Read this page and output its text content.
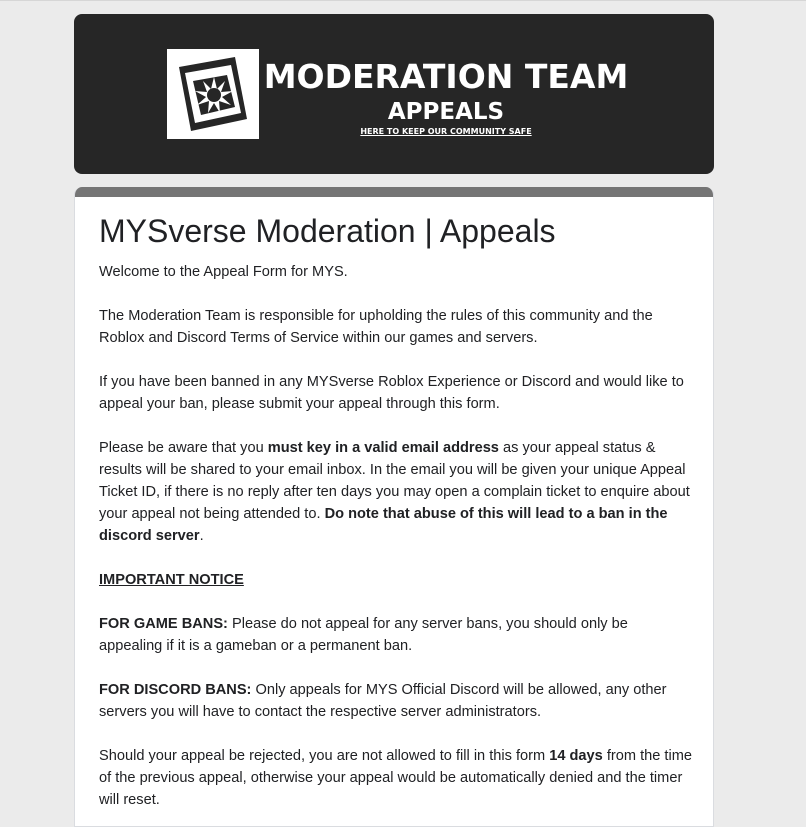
MODERATION TEAM
APPEALS
HERE TO KEEP OUR COMMUNITY SAFE
MYSverse Moderation | Appeals

Welcome to the Appeal Form for MYS.

The Moderation Team is responsible for upholding the rules of this community and the Roblox and Discord Terms of Service within our games and servers.

If you have been banned in any MYSverse Roblox Experience or Discord and would like to appeal your ban, please submit your appeal through this form.

Please be aware that you must key in a valid email address as your appeal status & results will be shared to your email inbox. In the email you will be given your unique Appeal Ticket ID, if there is no reply after ten days you may open a complain ticket to enquire about your appeal not being attended to. Do note that abuse of this will lead to a ban in the discord server.

IMPORTANT NOTICE

FOR GAME BANS: Please do not appeal for any server bans, you should only be appealing if it is a gameban or a permanent ban.

FOR DISCORD BANS: Only appeals for MYS Official Discord will be allowed, any other servers you will have to contact the respective server administrators.

Should your appeal be rejected, you are not allowed to fill in this form 14 days from the time of the previous appeal, otherwise your appeal would be automatically denied and the timer will reset.
